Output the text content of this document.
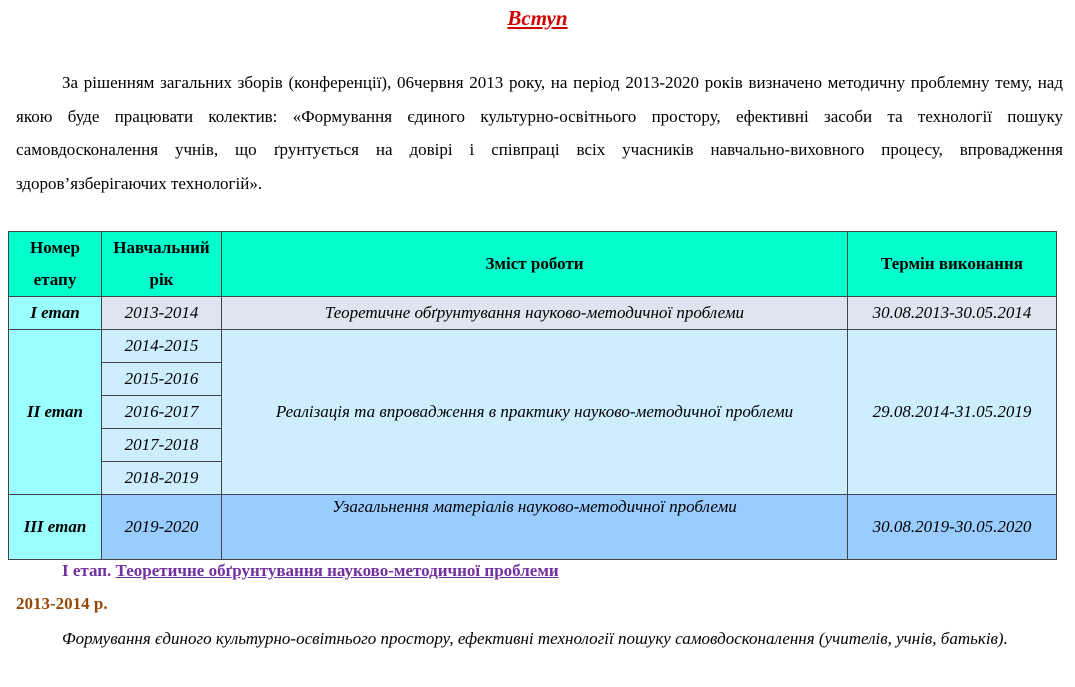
Вступ

За рішенням загальних зборів (конференції), 06червня 2013 року, на період 2013-2020 років визначено методичну проблемну тему, над якою буде працювати колектив: «Формування єдиного культурно-освітнього простору, ефективні засоби та технології пошуку самовдосконалення учнів, що ґрунтується на довірі і співпраці всіх учасників навчально-виховного процесу, впровадження здоров’язберігаючих технологій».

Номер етапу	Навчальний рік	Зміст роботи	Термін виконання
I етап	2013-2014	Теоретичне обґрунтування науково-методичної проблеми	30.08.2013-30.05.2014
II етап	2014-2015	Реалізація та впровадження в практику науково-методичної проблеми	29.08.2014-31.05.2019
	2015-2016		
	2016-2017		
	2017-2018		
	2018-2019		
III етап	2019-2020	Узагальнення матеріалів науково-методичної проблеми	30.08.2019-30.05.2020
I етап. Теоретичне обґрунтування науково-методичної проблеми
2013-2014 р.

Формування єдиного культурно-освітнього простору, ефективні технології пошуку самовдосконалення (учителів, учнів, батьків).
